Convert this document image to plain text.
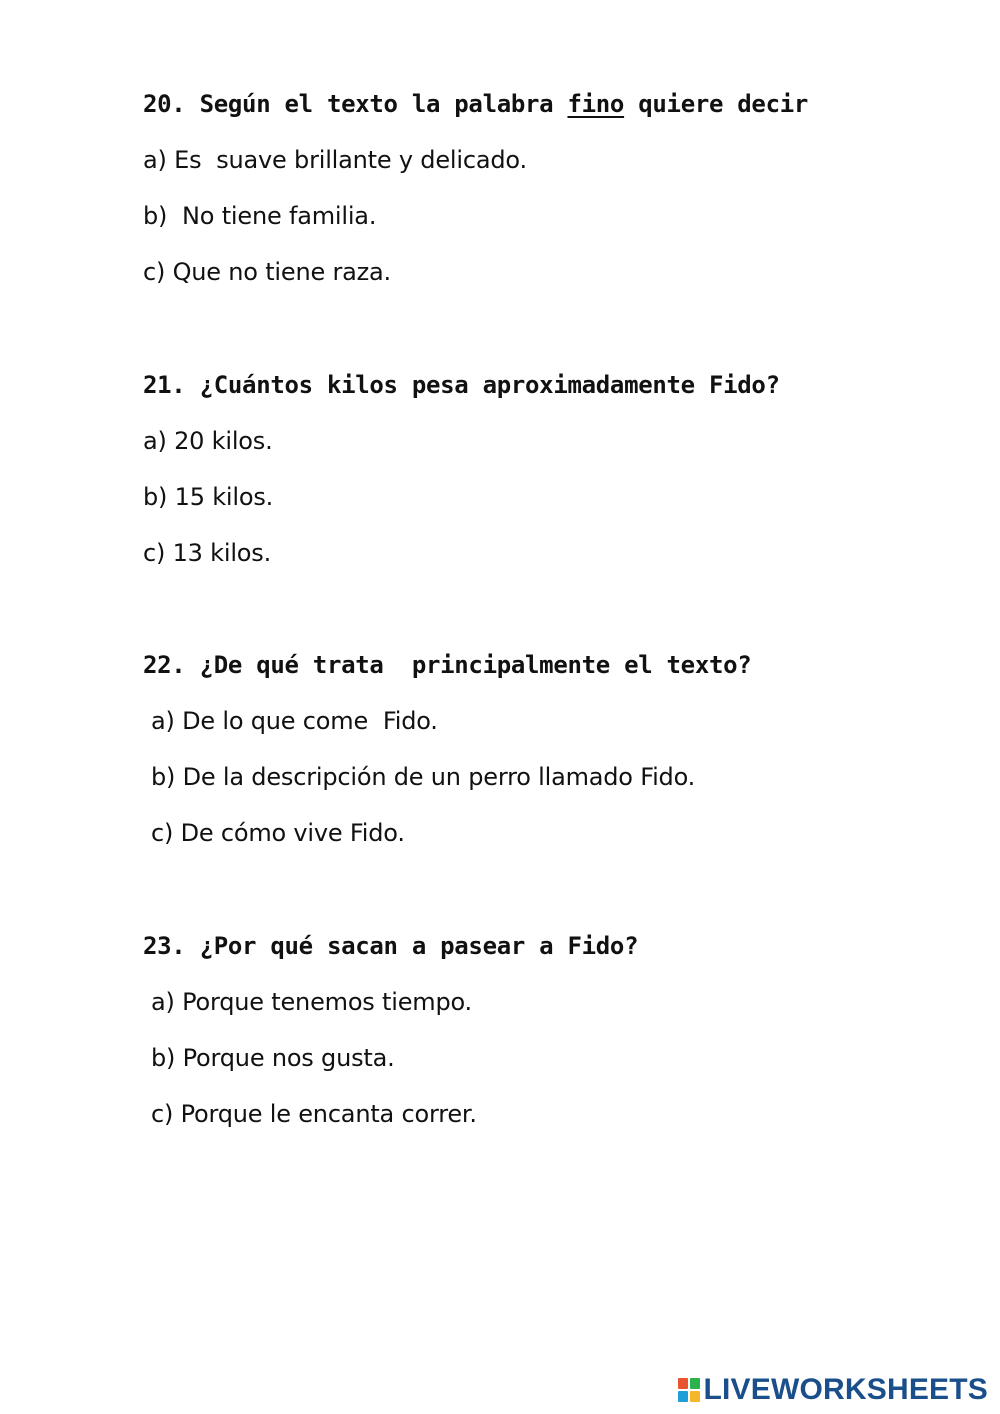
20. Según el texto la palabra fino quiere decir
a) Es  suave brillante y delicado.
b)  No tiene familia.
c) Que no tiene raza.
21. ¿Cuántos kilos pesa aproximadamente Fido?
a) 20 kilos.
b) 15 kilos.
c) 13 kilos.
22. ¿De qué trata  principalmente el texto?
a) De lo que come  Fido.
b) De la descripción de un perro llamado Fido.
c) De cómo vive Fido.
23. ¿Por qué sacan a pasear a Fido?
a) Porque tenemos tiempo.
b) Porque nos gusta.
c) Porque le encanta correr.
LIVEWORKSHEETS
